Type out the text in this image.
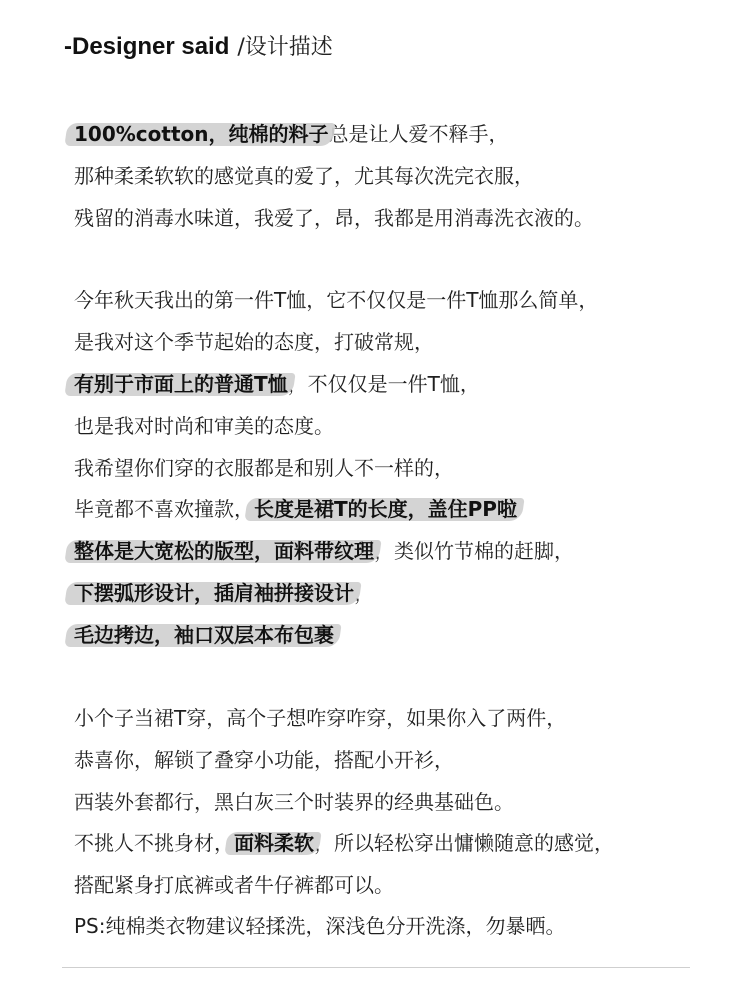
-Designer said /设计描述
100%cotton，纯棉的料子总是让人爱不释手，
那种柔柔软软的感觉真的爱了，尤其每次洗完衣服，
残留的消毒水味道，我爱了，昂，我都是用消毒洗衣液的。
今年秋天我出的第一件T恤，它不仅仅是一件T恤那么简单，
是我对这个季节起始的态度，打破常规，
有别于市面上的普通T恤，不仅仅是一件T恤，
也是我对时尚和审美的态度。
我希望你们穿的衣服都是和别人不一样的，
毕竟都不喜欢撞款，长度是裙T的长度，盖住PP啦
整体是大宽松的版型，面料带纹理，类似竹节棉的赶脚，
下摆弧形设计，插肩袖拼接设计，
毛边拷边，袖口双层本布包裹
小个子当裙T穿，高个子想咋穿咋穿，如果你入了两件，
恭喜你，解锁了叠穿小功能，搭配小开衫，
西装外套都行，黑白灰三个时装界的经典基础色。
不挑人不挑身材，面料柔软，所以轻松穿出慵懒随意的感觉，
搭配紧身打底裤或者牛仔裤都可以。
PS:纯棉类衣物建议轻揉洗，深浅色分开洗涤，勿暴晒。
